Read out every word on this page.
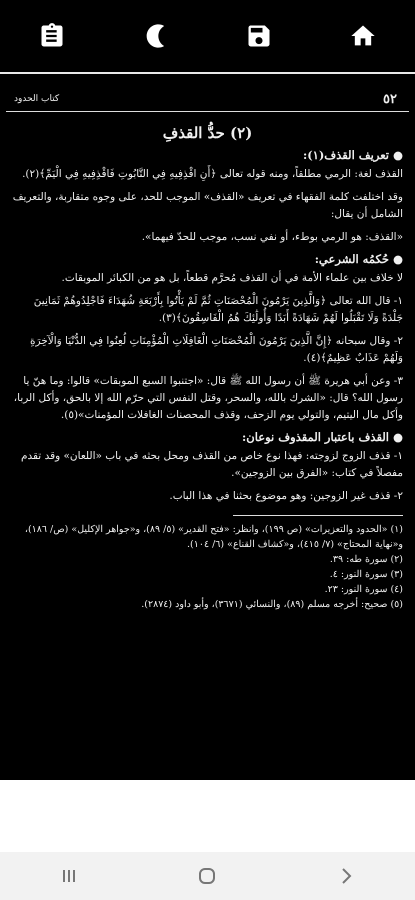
٥٢
كتاب الحدود
(٢) حدُّ القذفِ
● تعريف القذف(١):

القذف لغة: الرمي مطلقاً، ومنه قوله تعالى ﴿أَنِ اقْذِفِيهِ فِي التَّابُوتِ فَاقْذِفِيهِ فِي الْيَمِّ﴾(٢).

وقد اختلفت كلمة الفقهاء في تعريف «القذف» الموجب للحد، على وجوه متقاربة، والتعريف الشامل أن يقال:

«القذف: هو الرمي بوطء، أو نفي نسب، موجب للحدّ فيهما».

● حُكمُه الشرعي:

لا خلاف بين علماء الأمة في أن القذف مُحرَّم قطعاً، بل هو من الكبائر الموبقات.

١- قال الله تعالى ﴿وَالَّذِينَ يَرْمُونَ الْمُحْصَنَاتِ ثُمَّ لَمْ يَأْتُوا بِأَرْبَعَةِ شُهَدَاءَ فَاجْلِدُوهُمْ ثَمَانِينَ جَلْدَةً وَلَا تَقْبَلُوا لَهُمْ شَهَادَةً أَبَدًا وَأُولَٰئِكَ هُمُ الْفَاسِقُونَ﴾(٣).

٢- وقال سبحانه ﴿إِنَّ الَّذِينَ يَرْمُونَ الْمُحْصَنَاتِ الْغَافِلَاتِ الْمُؤْمِنَاتِ لُعِنُوا فِي الدُّنْيَا وَالْآخِرَةِ وَلَهُمْ عَذَابٌ عَظِيمٌ﴾(٤).

٣- وعن أبي هريرة ﷺ أن رسول الله ﷺ قال: «اجتنبوا السبع الموبقات» قالوا: وما هنّ يا رسول الله؟ قال: «الشرك بالله، والسحر، وقتل النفس التي حرّم الله إلا بالحق، وأكل الربا، وأكل مال اليتيم، والتولي يوم الزحف، وقذف المحصنات الغافلات المؤمنات»(٥).

● القذف باعتبار المقذوف نوعان:

١- قذف الزوج لزوجته: فهذا نوع خاص من القذف ومحل بحثه في باب «اللعان» وقد تقدم مفصلاً في كتاب: «الفرق بين الزوجين».

٢- قذف غير الزوجين: وهو موضوع بحثنا في هذا الباب.

(١) «الحدود والتعزيرات» (ص ١٩٩)، وانظر: «فتح القدير» (٥/ ٨٩)، و«جواهر الإكليل» (ص/ ١٨٦)، و«نهاية المحتاج» (٧/ ٤١٥)، و«كشاف القناع» (٦/ ١٠٤).

(٢) سورة طه: ٣٩.

(٣) سورة النور: ٤.

(٤) سورة النور: ٢٣.

(٥) صحيح: أخرجه مسلم (٨٩)، والنسائي (٣٦٧١)، وأبو داود (٢٨٧٤).
